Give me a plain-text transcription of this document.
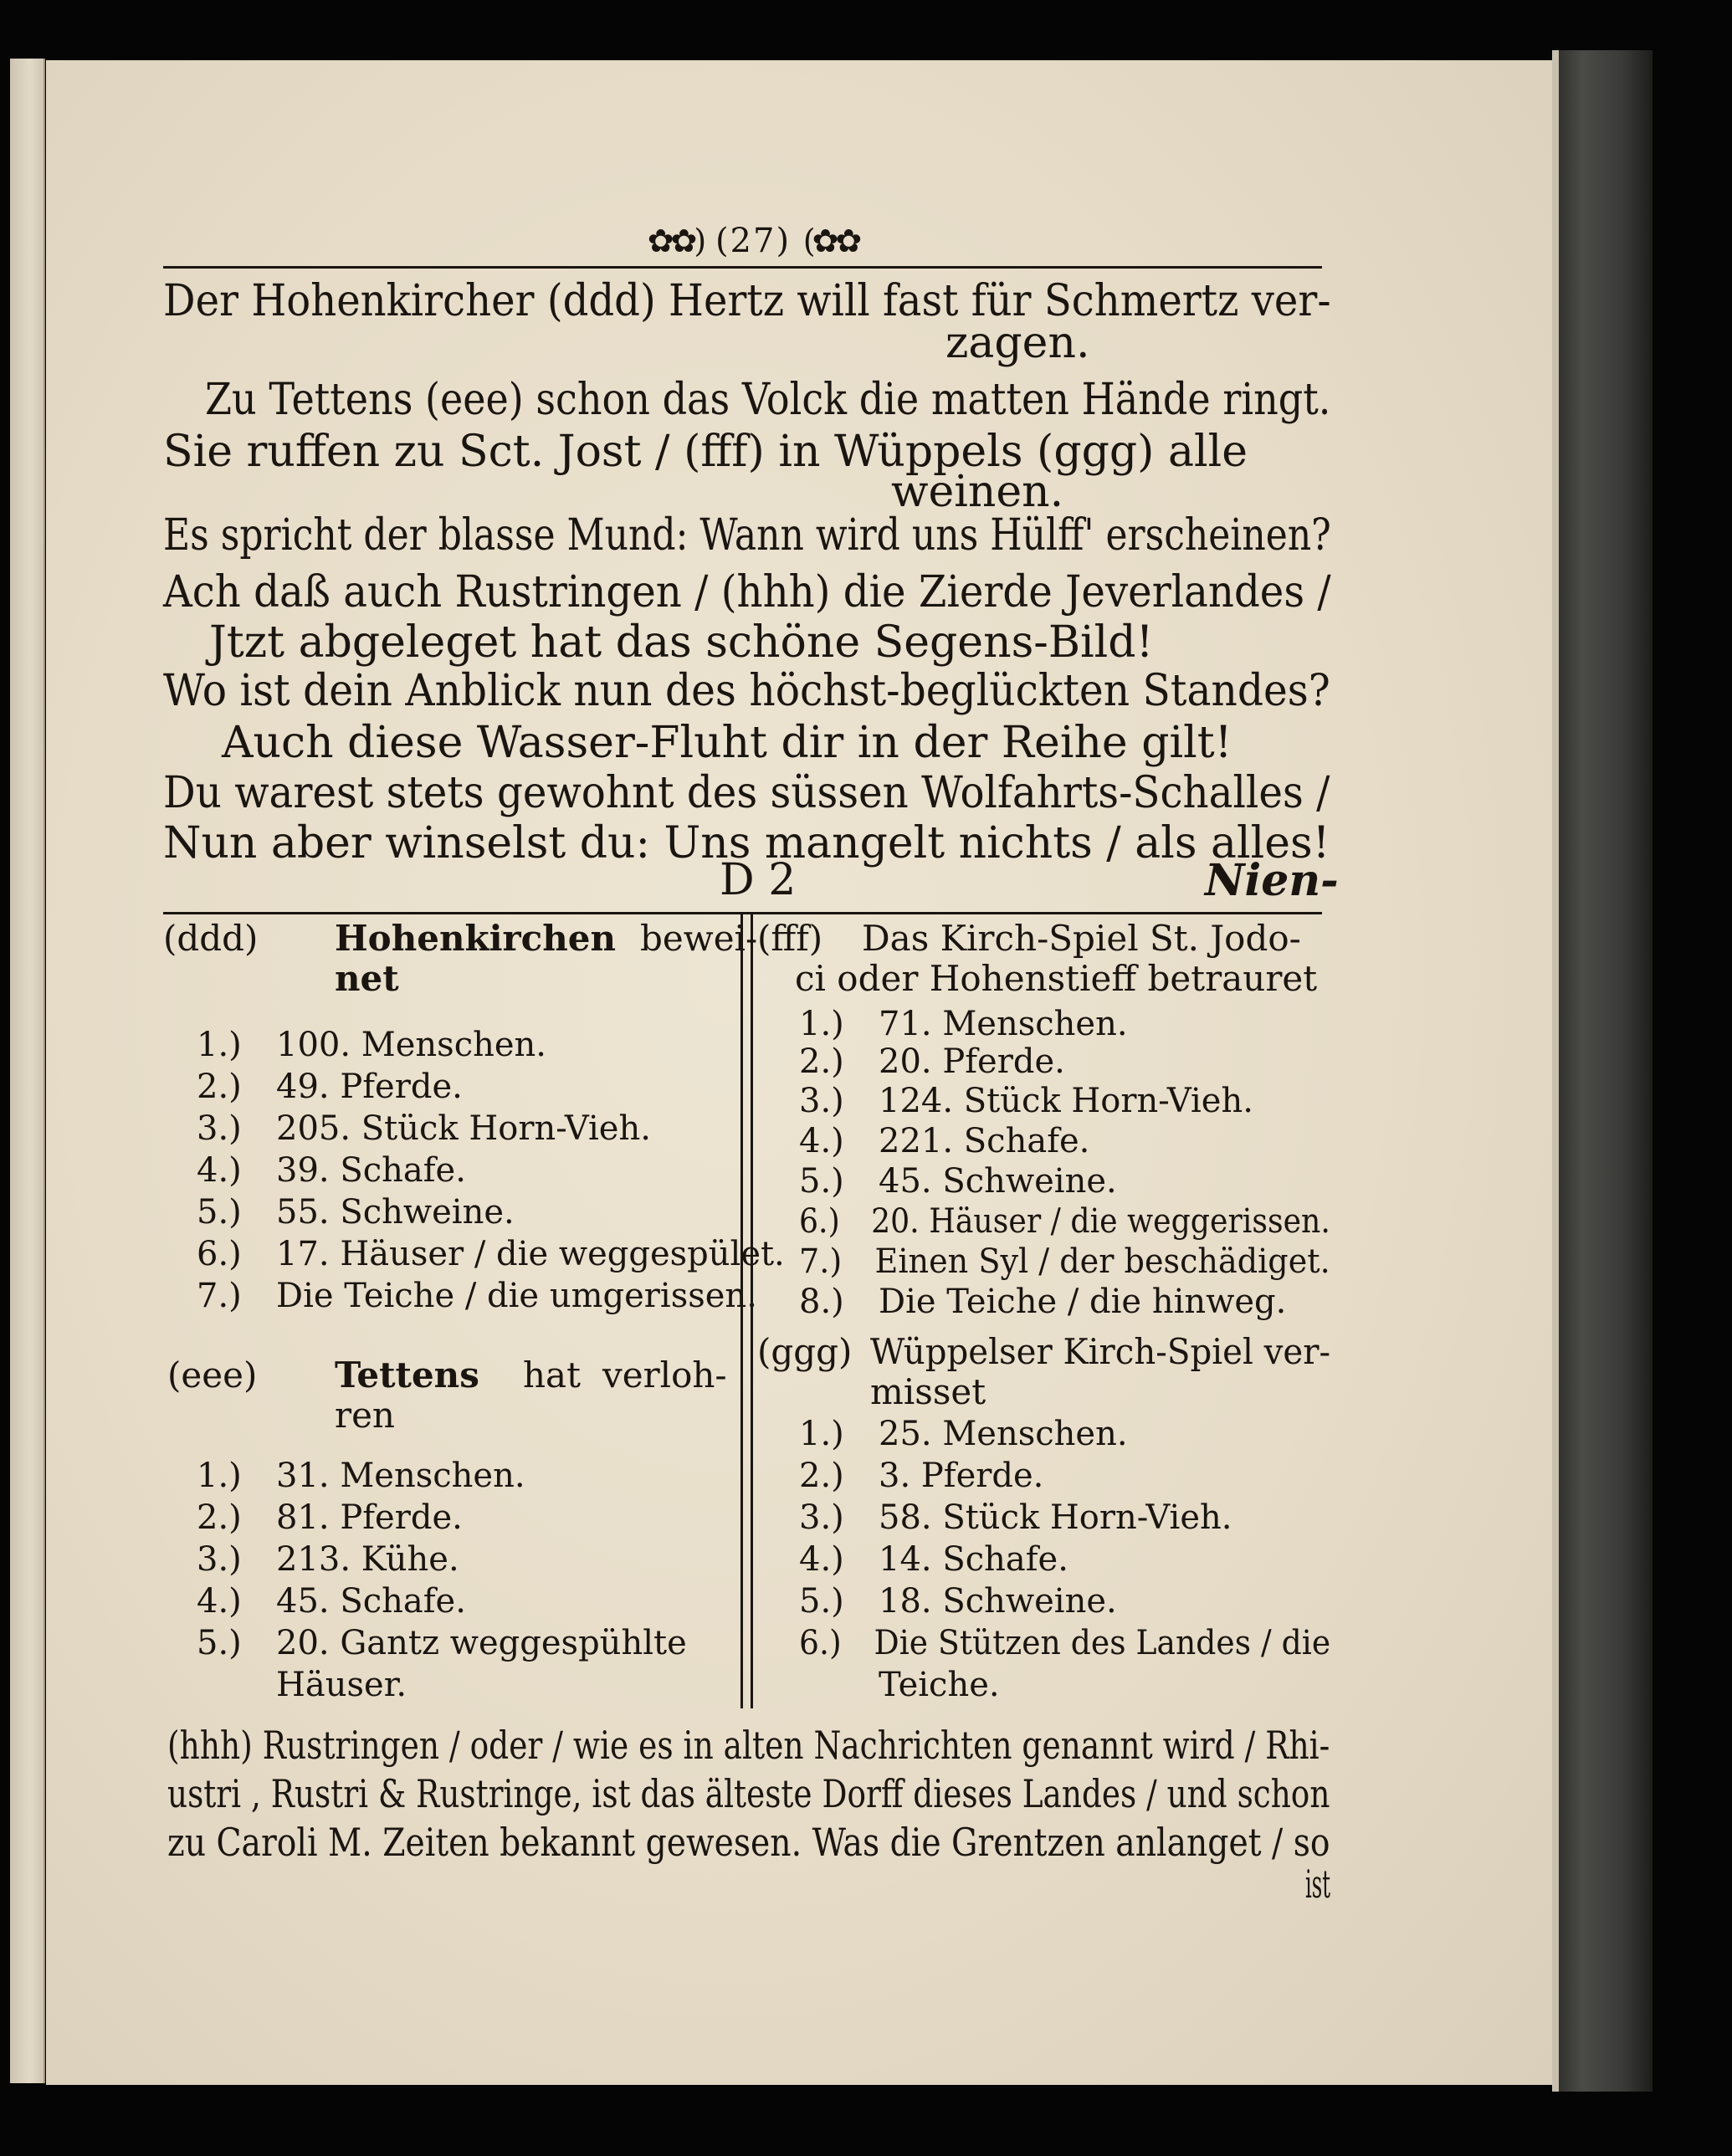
✿✿) (27) (✿✿
Der Hohenkircher (ddd) Hertz will fast für Schmertz ver-
zagen.
Zu Tettens (eee) schon das Volck die matten Hände ringt.
Sie ruffen zu Sct. Jost / (fff) in Wüppels (ggg) alle
weinen.
Es spricht der blasse Mund: Wann wird uns Hülff' erscheinen?
Ach daß auch Rustringen / (hhh) die Zierde Jeverlandes /
Jtzt abgeleget hat das schöne Segens-Bild!
Wo ist dein Anblick nun des höchst-beglückten Standes?
Auch diese Wasser-Fluht dir in der Reihe gilt!
Du warest stets gewohnt des süssen Wolfahrts-Schalles /
Nun aber winselst du: Uns mangelt nichts / als alles!
D 2	Nien-
(ddd) Hohenkirchen bewei-
net
1.) 100. Menschen.
2.) 49. Pferde.
3.) 205. Stück Horn-Vieh.
4.) 39. Schafe.
5.) 55. Schweine.
6.) 17. Häuser / die weggespület.
7.) Die Teiche / die umgerissen.
(eee) Tettens hat verloh-
ren
1.) 31. Menschen.
2.) 81. Pferde.
3.) 213. Kühe.
4.) 45. Schafe.
5.) 20. Gantz weggespühlte
Häuser.
(fff) Das Kirch-Spiel St. Jodo-
ci oder Hohenstieff betrauret
1.) 71. Menschen.
2.) 20. Pferde.
3.) 124. Stück Horn-Vieh.
4.) 221. Schafe.
5.) 45. Schweine.
6.) 20. Häuser / die weggerissen.
7.) Einen Syl / der beschädiget.
8.) Die Teiche / die hinweg.
(ggg) Wüppelser Kirch-Spiel ver-
misset
1.) 25. Menschen.
2.) 3. Pferde.
3.) 58. Stück Horn-Vieh.
4.) 14. Schafe.
5.) 18. Schweine.
6.) Die Stützen des Landes / die
Teiche.
(hhh) Rustringen / oder / wie es in alten Nachrichten genannt wird / Rhi-
ustri , Rustri & Rustringe, ist das älteste Dorff dieses Landes / und schon
zu Caroli M. Zeiten bekannt gewesen. Was die Grentzen anlanget / so
ist
